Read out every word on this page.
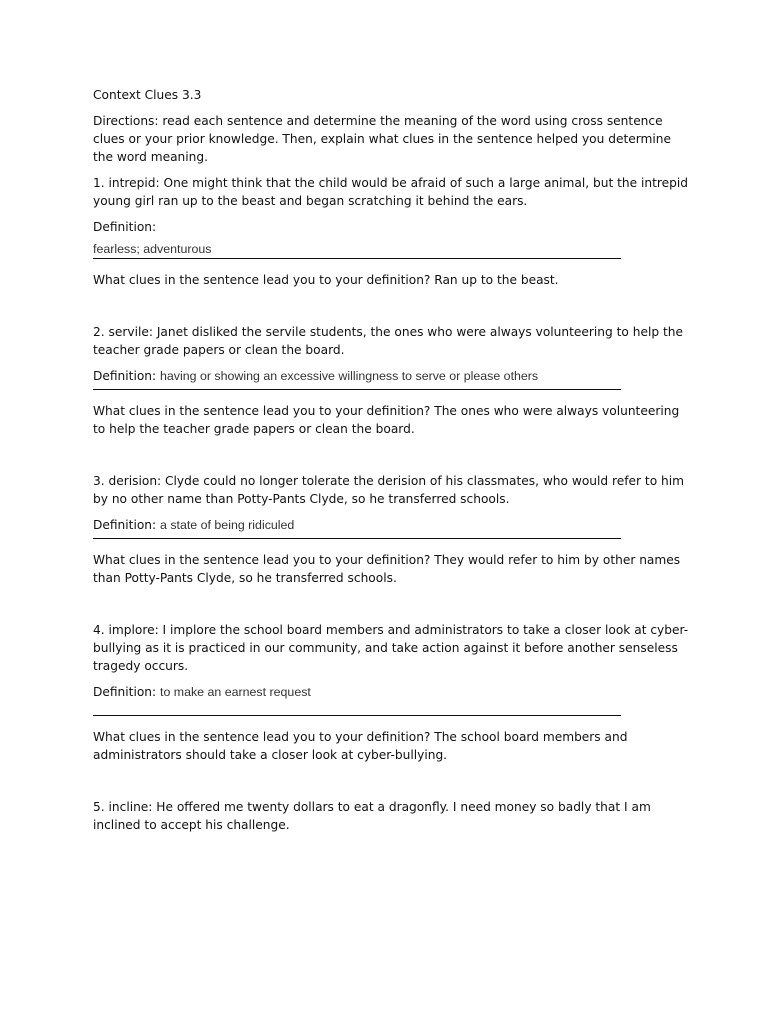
Context Clues 3.3

Directions: read each sentence and determine the meaning of the word using cross sentence clues or your prior knowledge. Then, explain what clues in the sentence helped you determine the word meaning.

1. intrepid: One might think that the child would be afraid of such a large animal, but the intrepid young girl ran up to the beast and began scratching it behind the ears.

Definition:

fearless; adventurous

What clues in the sentence lead you to your definition? Ran up to the beast.

2. servile: Janet disliked the servile students, the ones who were always volunteering to help the teacher grade papers or clean the board.

Definition: having or showing an excessive willingness to serve or please others

What clues in the sentence lead you to your definition? The ones who were always volunteering to help the teacher grade papers or clean the board.

3. derision: Clyde could no longer tolerate the derision of his classmates, who would refer to him by no other name than Potty-Pants Clyde, so he transferred schools.

Definition: a state of being ridiculed

What clues in the sentence lead you to your definition? They would refer to him by other names than Potty-Pants Clyde, so he transferred schools.

4. implore: I implore the school board members and administrators to take a closer look at cyber-bullying as it is practiced in our community, and take action against it before another senseless tragedy occurs.

Definition: to make an earnest request

What clues in the sentence lead you to your definition? The school board members and administrators should take a closer look at cyber-bullying.

5. incline: He offered me twenty dollars to eat a dragonfly. I need money so badly that I am inclined to accept his challenge.
